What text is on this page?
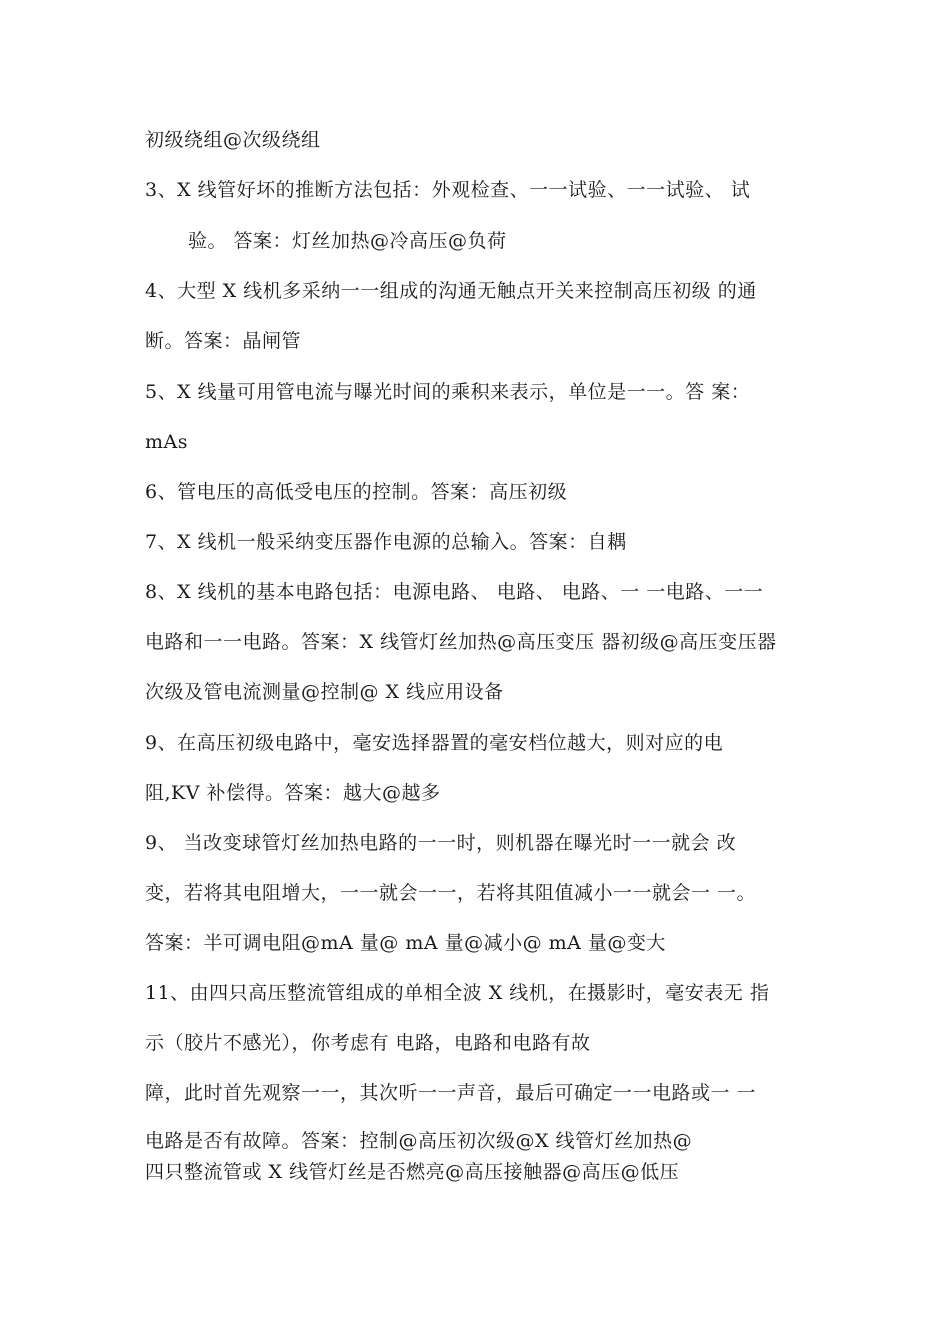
初级绕组@次级绕组
3、X 线管好坏的推断方法包括：外观检查、一一试验、一一试验、 试
验。 答案：灯丝加热@冷高压@负荷
4、大型 X 线机多采纳一一组成的沟通无触点开关来控制高压初级 的通
断。答案：晶闸管
5、X 线量可用管电流与曝光时间的乘积来表示，单位是一一。答 案：
mAs
6、管电压的高低受电压的控制。答案：高压初级
7、X 线机一般采纳变压器作电源的总输入。答案：自耦
8、X 线机的基本电路包括：电源电路、 电路、 电路、一 一电路、一一
电路和一一电路。答案：X 线管灯丝加热@高压变压 器初级@高压变压器
次级及管电流测量@控制@ X 线应用设备
9、在高压初级电路中，毫安选择器置的毫安档位越大，则对应的电
阻,KV 补偿得。答案：越大@越多
9、 当改变球管灯丝加热电路的一一时，则机器在曝光时一一就会 改
变，若将其电阻增大，一一就会一一，若将其阻值减小一一就会一 一。
答案：半可调电阻@mA 量@ mA 量@减小@ mA 量@变大
11、由四只高压整流管组成的单相全波 X 线机，在摄影时，毫安表无 指
示（胶片不感光），你考虑有 电路，电路和电路有故
障，此时首先观察一一，其次听一一声音，最后可确定一一电路或一 一
电路是否有故障。答案：控制@高压初次级@X 线管灯丝加热@
四只整流管或 X 线管灯丝是否燃亮@高压接触器@高压@低压
